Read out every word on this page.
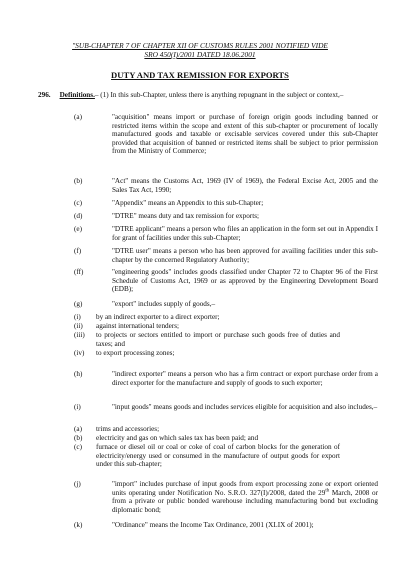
"SUB-CHAPTER 7 OF CHAPTER XII OF CUSTOMS RULES 2001 NOTIFIED VIDE
SRO 450(I)/2001 DATED 18.06.2001
DUTY AND TAX REMISSION FOR EXPORTS
296. Definitions.– (1) In this sub-Chapter, unless there is anything repugnant in the subject or context,–
(a)	"acquisition" means import or purchase of foreign origin goods including banned or restricted items within the scope and extent of this sub-chapter or procurement of locally manufactured goods and taxable or excisable services covered under this sub-Chapter provided that acquisition of banned or restricted items shall be subject to prior permission from the Ministry of Commerce;
(b)	"Act" means the Customs Act, 1969 (IV of 1969), the Federal Excise Act, 2005 and the Sales Tax Act, 1990;
(c)	"Appendix" means an Appendix to this sub-Chapter;
(d)	"DTRE" means duty and tax remission for exports;
(e)	"DTRE applicant" means a person who files an application in the form set out in Appendix I for grant of facilities under this sub-Chapter;
(f)	"DTRE user" means a person who has been approved for availing facilities under this sub-chapter by the concerned Regulatory Authority;
(ff)	"engineering goods" includes goods classified under Chapter 72 to Chapter 96 of the First Schedule of Customs Act, 1969 or as approved by the Engineering Development Board (EDB);
(g)	"export" includes supply of goods,–
(i) by an indirect exporter to a direct exporter;
(ii) against international tenders;
(iii) to projects or sectors entitled to import or purchase such goods free of duties and taxes; and
(iv) to export processing zones;
(h)	"indirect exporter" means a person who has a firm contract or export purchase order from a direct exporter for the manufacture and supply of goods to such exporter;
(i)	"input goods" means goods and includes services eligible for acquisition and also includes,–
(a) trims and accessories;
(b) electricity and gas on which sales tax has been paid; and
(c) furnace or diesel oil or coal or coke of coal of carbon blocks for the generation of electricity/energy used or consumed in the manufacture of output goods for export under this sub-chapter;
(j)	"import" includes purchase of input goods from export processing zone or export oriented units operating under Notification No. S.R.O. 327(I)/2008, dated the 29th March, 2008 or from a private or public bonded warehouse including manufacturing bond but excluding diplomatic bond;
(k)	"Ordinance" means the Income Tax Ordinance, 2001 (XLIX of 2001);
